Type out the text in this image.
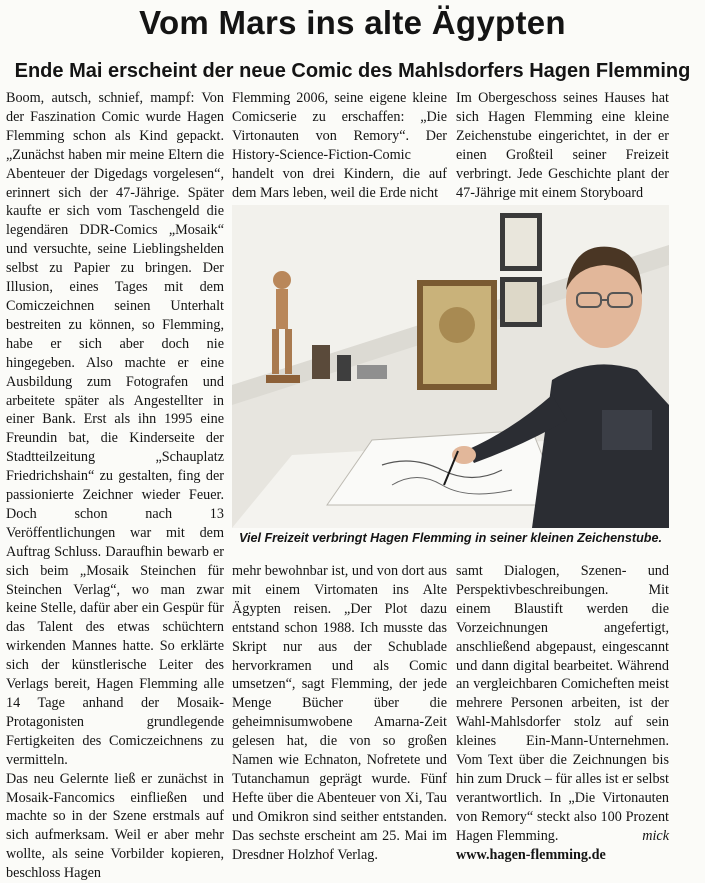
Vom Mars ins alte Ägypten
Ende Mai erscheint der neue Comic des Mahlsdorfers Hagen Flemming

Boom, autsch, schnief, mampf: Von der Faszination Comic wurde Hagen Flemming schon als Kind gepackt. „Zunächst haben mir meine Eltern die Abenteuer der Digedags vorgelesen“, erinnert sich der 47-Jährige. Später kaufte er sich vom Taschengeld die legendären DDR-Comics „Mosaik“ und versuchte, seine Lieblingshelden selbst zu Papier zu bringen. Der Illusion, eines Tages mit dem Comiczeichnen seinen Unterhalt bestreiten zu können, so Flemming, habe er sich aber doch nie hingegeben. Also machte er eine Ausbildung zum Fotografen und arbeitete später als Angestellter in einer Bank. Erst als ihn 1995 eine Freundin bat, die Kinderseite der Stadtteilzeitung „Schauplatz Friedrichshain“ zu gestalten, fing der passionierte Zeichner wieder Feuer. Doch schon nach 13 Veröffentlichungen war mit dem Auftrag Schluss. Daraufhin bewarb er sich beim „Mosaik Steinchen für Steinchen Verlag“, wo man zwar keine Stelle, dafür aber ein Gespür für das Talent des etwas schüchtern wirkenden Mannes hatte. So erklärte sich der künstlerische Leiter des Verlags bereit, Hagen Flemming alle 14 Tage anhand der Mosaik-Protagonisten grundlegende Fertigkeiten des Comiczeichnens zu vermitteln.

Das neu Gelernte ließ er zunächst in Mosaik-Fancomics einfließen und machte so in der Szene erstmals auf sich aufmerksam. Weil er aber mehr wollte, als seine Vorbilder kopieren, beschloss Hagen

Flemming 2006, seine eigene kleine Comicserie zu erschaffen: „Die Virtonauten von Remory“. Der History-Science-Fiction-Comic handelt von drei Kindern, die auf dem Mars leben, weil die Erde nicht

Im Obergeschoss seines Hauses hat sich Hagen Flemming eine kleine Zeichenstube eingerichtet, in der er einen Großteil seiner Freizeit verbringt. Jede Geschichte plant der 47-Jährige mit einem Storyboard

Viel Freizeit verbringt Hagen Flemming in seiner kleinen Zeichenstube.

mehr bewohnbar ist, und von dort aus mit einem Virtomaten ins Alte Ägypten reisen. „Der Plot dazu entstand schon 1988. Ich musste das Skript nur aus der Schublade hervorkramen und als Comic umsetzen“, sagt Flemming, der jede Menge Bücher über die geheimnisumwobene Amarna-Zeit gelesen hat, die von so großen Namen wie Echnaton, Nofretete und Tutanchamun geprägt wurde. Fünf Hefte über die Abenteuer von Xi, Tau und Omikron sind seither entstanden. Das sechste erscheint am 25. Mai im Dresdner Holzhof Verlag.

samt Dialogen, Szenen- und Perspektivbeschreibungen. Mit einem Blaustift werden die Vorzeichnungen angefertigt, anschließend abgepaust, eingescannt und dann digital bearbeitet. Während an vergleichbaren Comicheften meist mehrere Personen arbeiten, ist der Wahl-Mahlsdorfer stolz auf sein kleines Ein-Mann-Unternehmen. Vom Text über die Zeichnungen bis hin zum Druck – für alles ist er selbst verantwortlich. In „Die Virtonauten von Remory“ steckt also 100 Prozent Hagen Flemming.	mick

www.hagen-flemming.de
